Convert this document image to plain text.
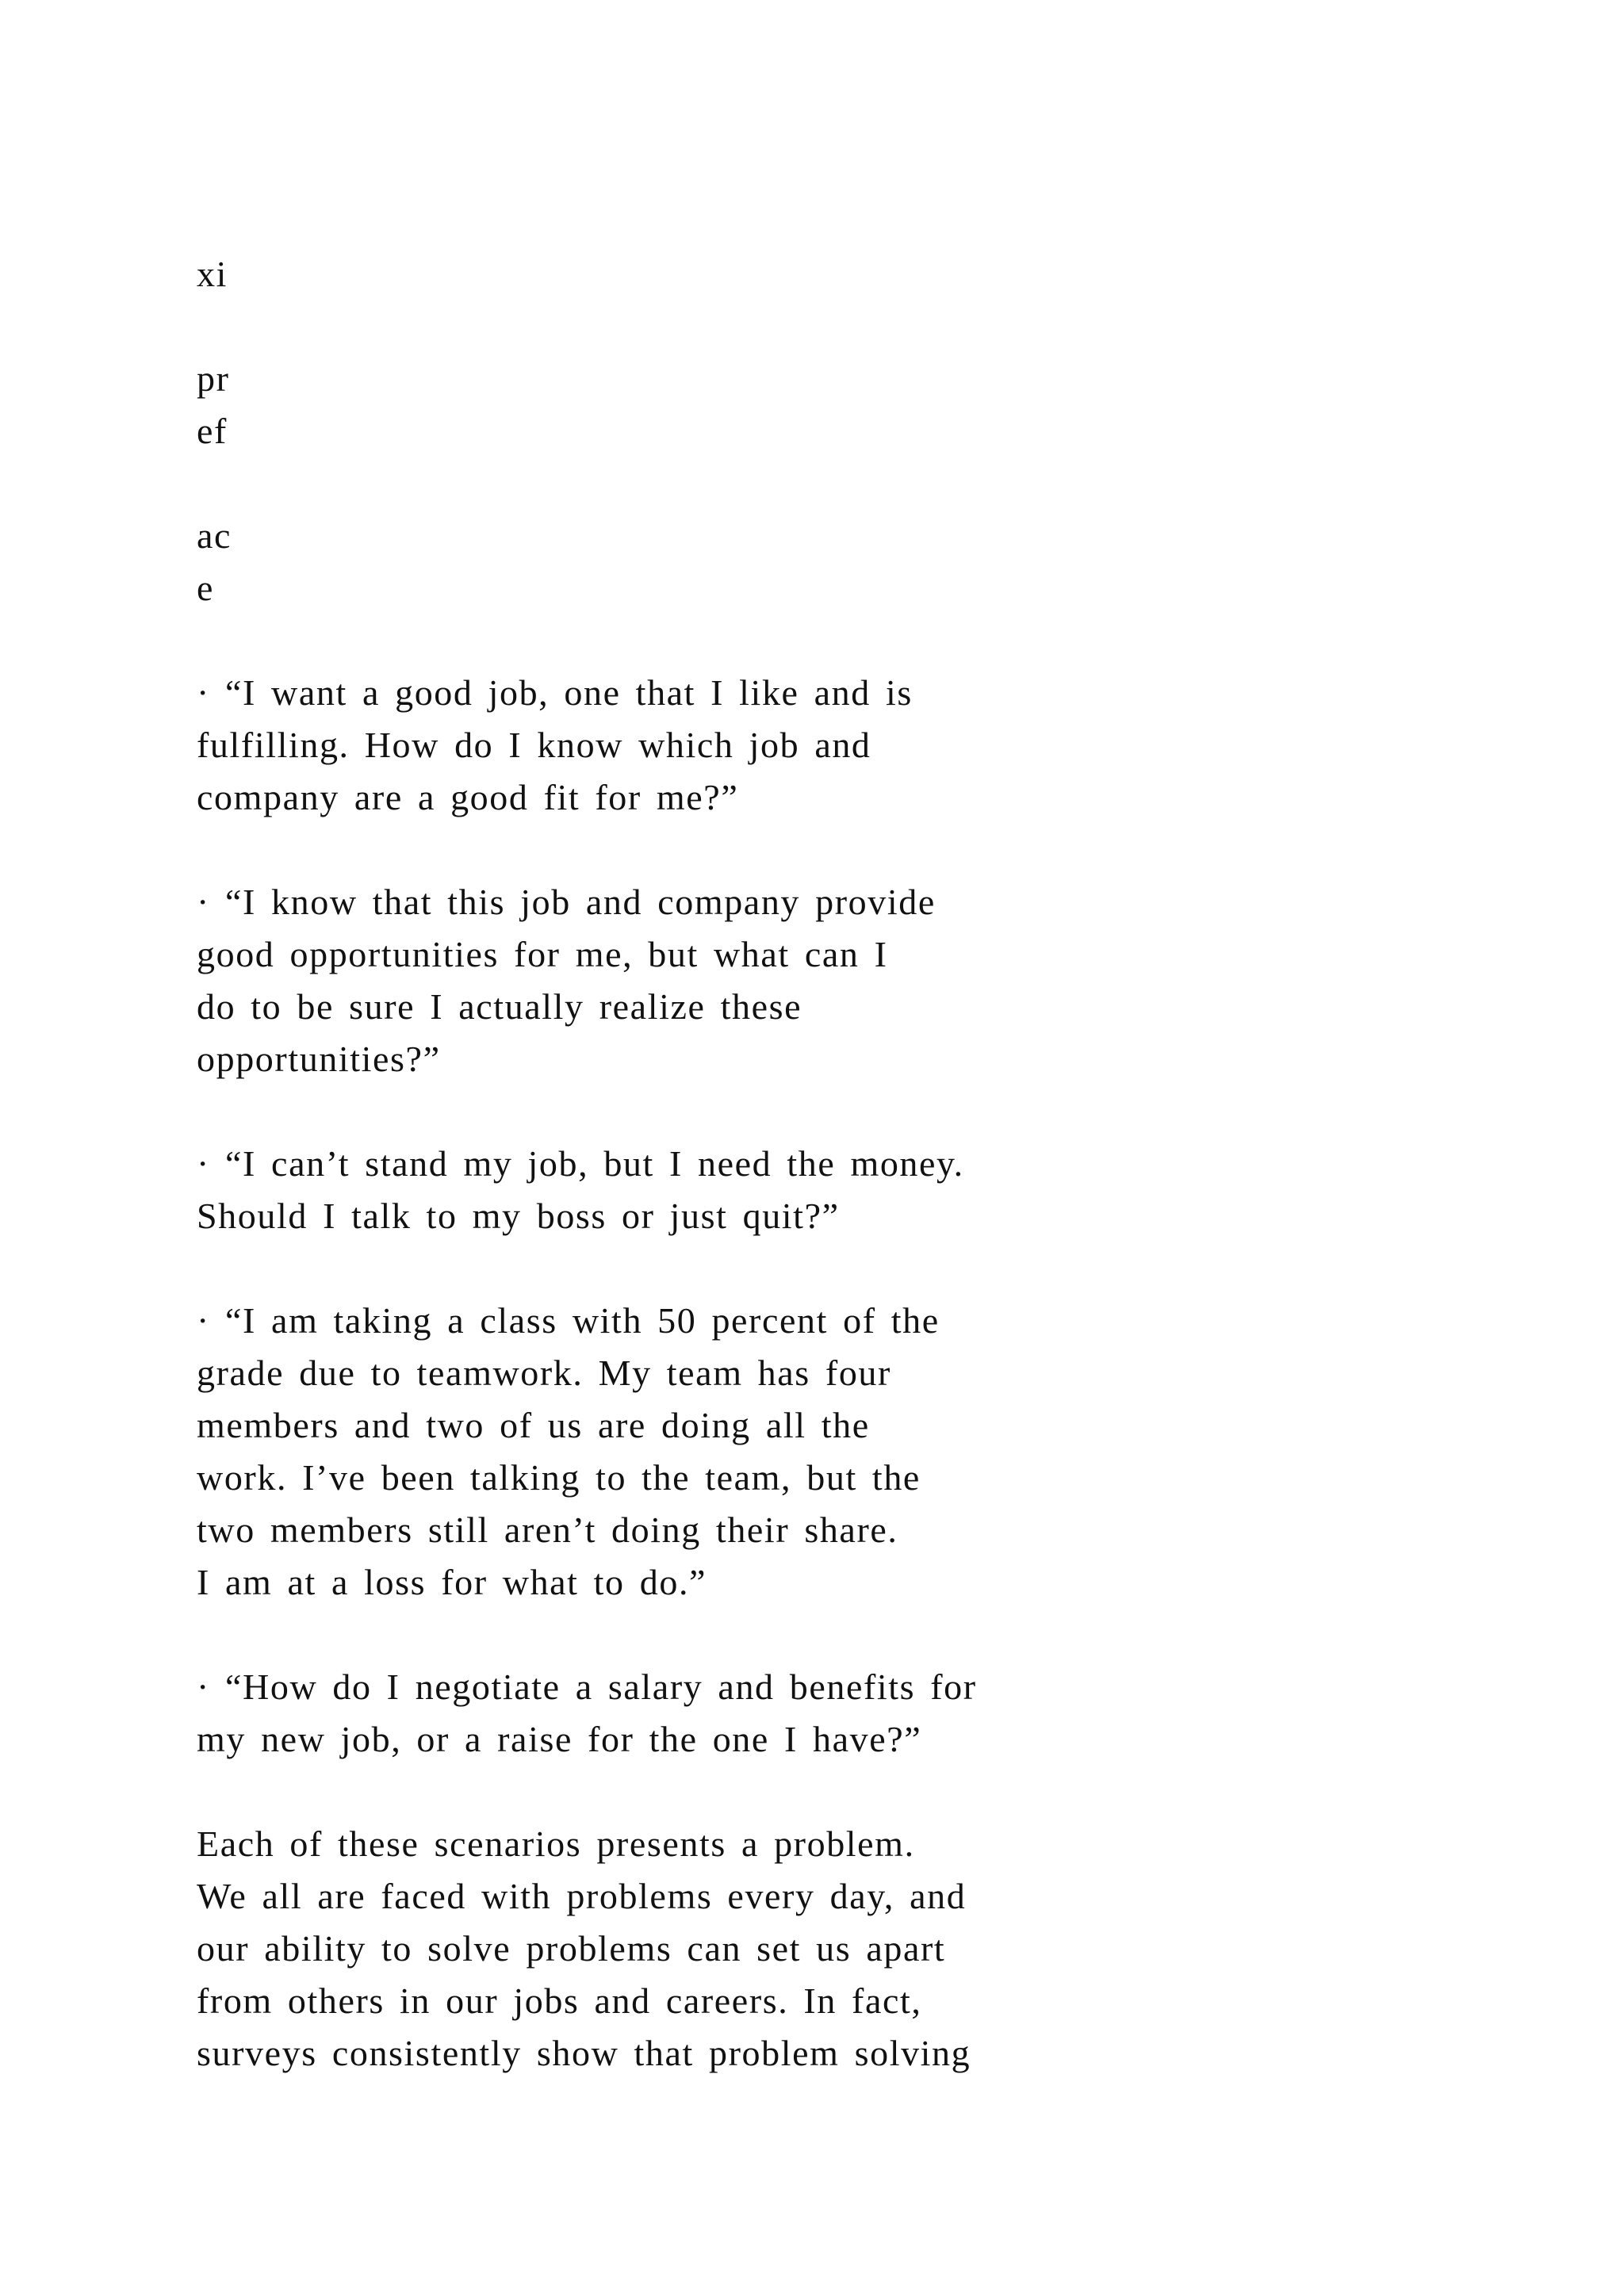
xi

pr

ef

ac

e

· “I want a good job, one that I like and is

fulfilling. How do I know which job and

company are a good fit for me?”

· “I know that this job and company provide

good opportunities for me, but what can I

do to be sure I actually realize these

opportunities?”

· “I can’t stand my job, but I need the money.

Should I talk to my boss or just quit?”

· “I am taking a class with 50 percent of the

grade due to teamwork. My team has four

members and two of us are doing all the

work. I’ve been talking to the team, but the

two members still aren’t doing their share.

I am at a loss for what to do.”

· “How do I negotiate a salary and benefits for

my new job, or a raise for the one I have?”

Each of these scenarios presents a problem.

We all are faced with problems every day, and

our ability to solve problems can set us apart

from others in our jobs and careers. In fact,

surveys consistently show that problem solving
